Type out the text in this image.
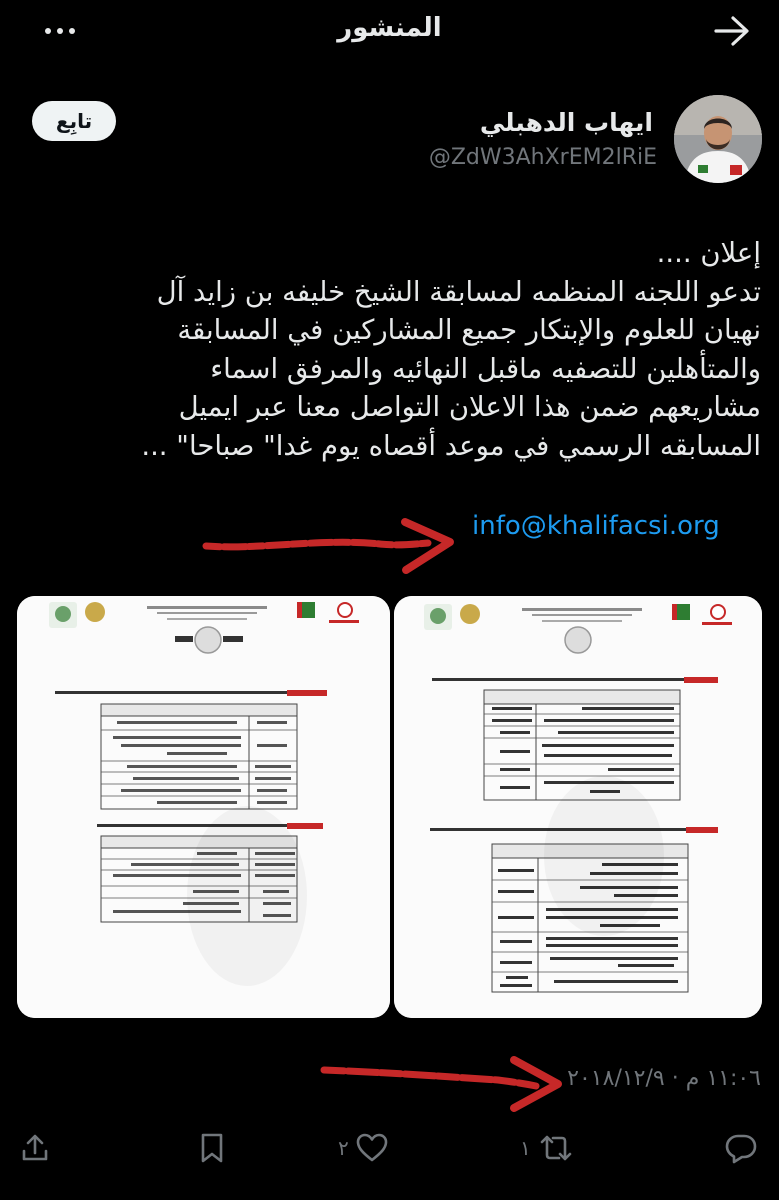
المنشور
ايهاب الدهبلي
@ZdW3AhXrEM2lRiE
تابِع
إعلان ....
تدعو اللجنه المنظمه لمسابقة الشيخ خليفه بن زايد آل
نهيان للعلوم والإبتكار جميع المشاركين في المسابقة
والمتأهلين للتصفيه ماقبل النهائيه والمرفق اسماء
مشاريعهم ضمن هذا الاعلان التواصل معنا عبر ايميل
المسابقه الرسمي في موعد أقصاه يوم غدا" صباحا" ...
info@khalifacsi.org
١١:٠٦ م · ٢٠١٨/١٢/٩
٢	١
